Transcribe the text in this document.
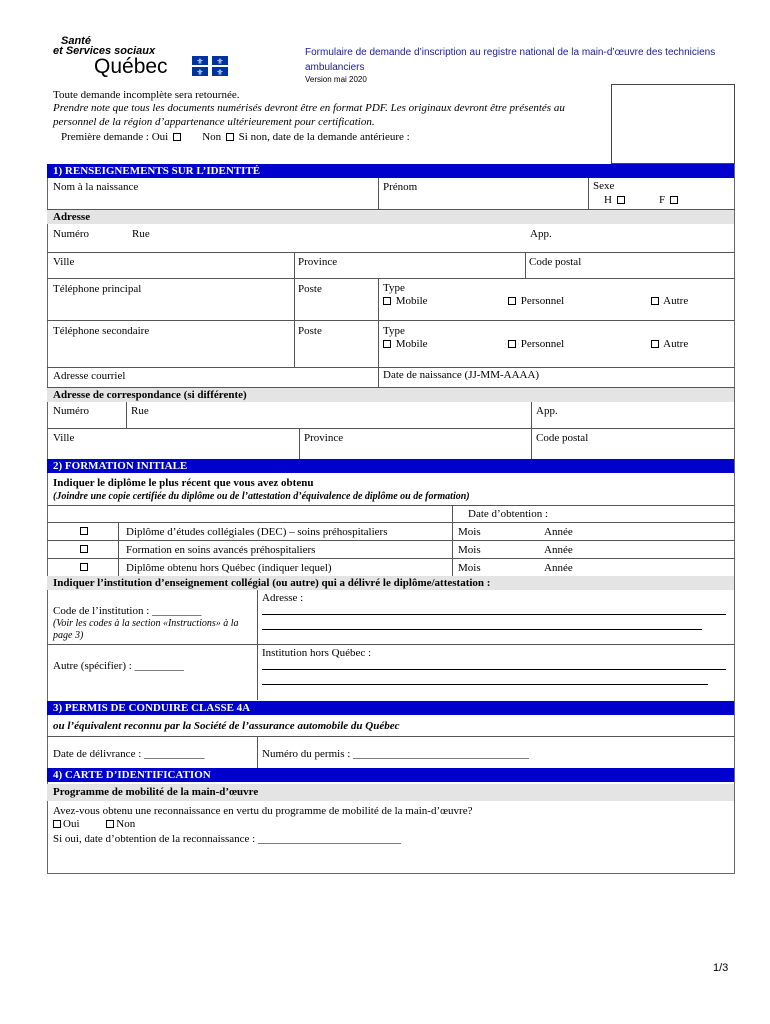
Santé
et Services sociaux
Québec	⚜ ⚜
⚜ ⚜
Formulaire de demande d’inscription au registre national de la main-d’œuvre des techniciens ambulanciers
Version mai 2020
Toute demande incomplète sera retournée.
Prendre note que tous les documents numérisés devront être en format PDF. Les originaux devront être présentés au personnel de la région d’appartenance ultérieurement pour certification.
Première demande : Oui	Non Si non, date de la demande antérieure :
1) RENSEIGNEMENTS SUR L’IDENTITÉ
Nom à la naissance	Prénom	Sexe
H	F
Adresse
Numéro	Rue	App.
Ville	Province	Code postal
Téléphone principal	Poste	Type
Mobile	Personnel	Autre
Téléphone secondaire	Poste	Type
Mobile	Personnel	Autre
Adresse courriel	Date de naissance (JJ-MM-AAAA)
Adresse de correspondance (si différente)
Numéro	Rue	App.
Ville	Province	Code postal
2) FORMATION INITIALE
Indiquer le diplôme le plus récent que vous avez obtenu
(Joindre une copie certifiée du diplôme ou de l’attestation d’équivalence de diplôme ou de formation)
Date d’obtention :
Diplôme d’études collégiales (DEC) – soins préhospitaliers	Mois	Année
Formation en soins avancés préhospitaliers	Mois	Année
Diplôme obtenu hors Québec (indiquer lequel)	Mois	Année
Indiquer l’institution d’enseignement collégial (ou autre) qui a délivré le diplôme/attestation :
Adresse :
Code de l’institution : _________
(Voir les codes à la section «Instructions» à la page 3)
Institution hors Québec :
Autre (spécifier) : _________
3) PERMIS DE CONDUIRE CLASSE 4A
ou l’équivalent reconnu par la Société de l’assurance automobile du Québec
Date de délivrance : ___________	Numéro du permis : ________________________________
4) CARTE D’IDENTIFICATION
Programme de mobilité de la main-d’œuvre
Avez-vous obtenu une reconnaissance en vertu du programme de mobilité de la main-d’œuvre?
Oui	Non
Si oui, date d’obtention de la reconnaissance : __________________________
1/3
